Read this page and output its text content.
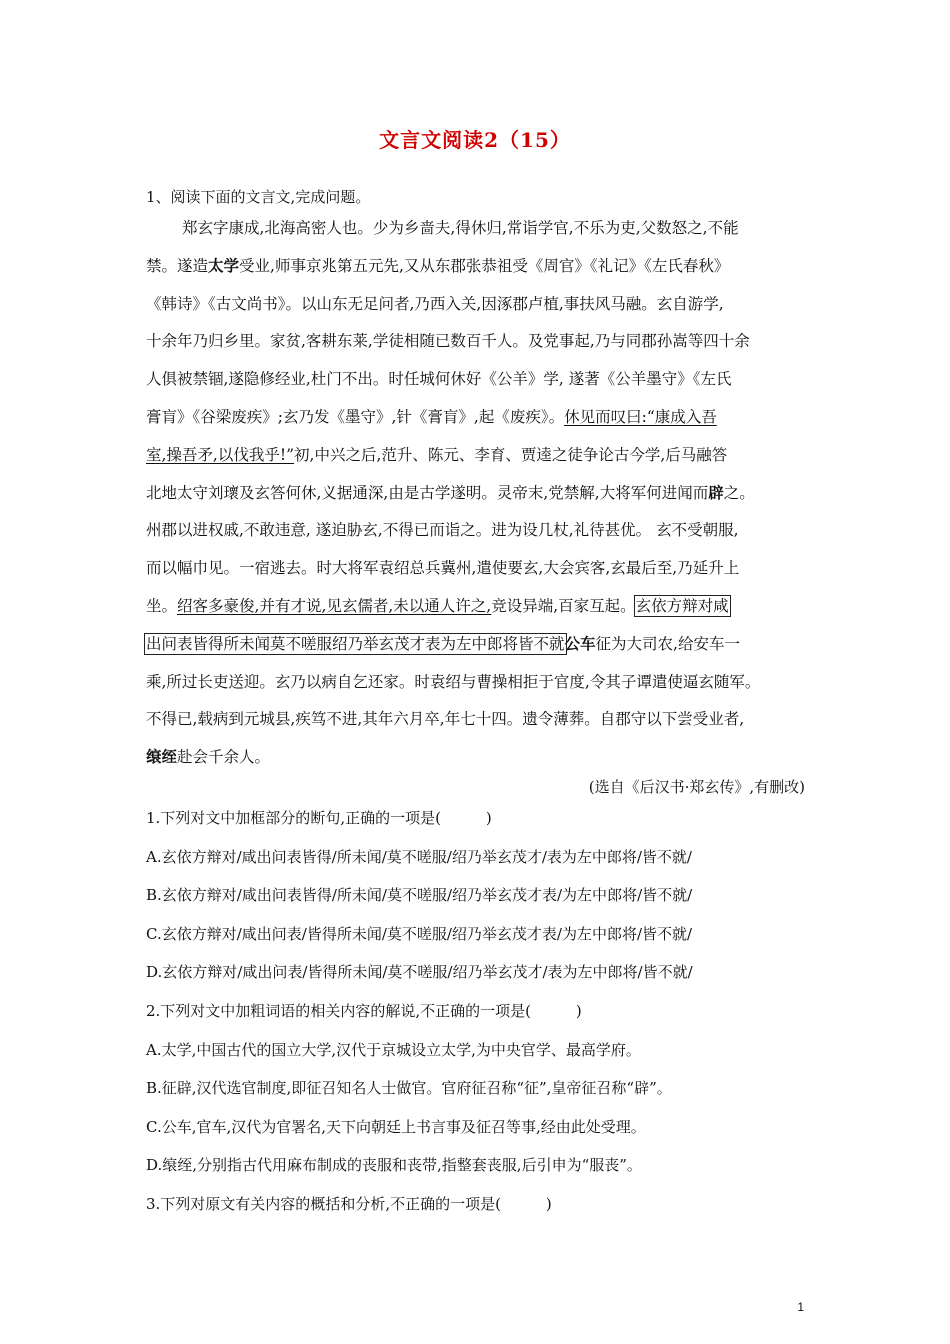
文言文阅读2（15）
1、阅读下面的文言文,完成问题。
郑玄字康成,北海高密人也。少为乡啬夫,得休归,常诣学官,不乐为吏,父数怒之,不能
禁。遂造太学受业,师事京兆第五元先,又从东郡张恭祖受《周官》《礼记》《左氏春秋》
《韩诗》《古文尚书》。以山东无足问者,乃西入关,因涿郡卢植,事扶风马融。玄自游学,
十余年乃归乡里。家贫,客耕东莱,学徒相随已数百千人。及党事起,乃与同郡孙嵩等四十余
人俱被禁锢,遂隐修经业,杜门不出。时任城何休好《公羊》学, 遂著《公羊墨守》《左氏
膏肓》《谷梁废疾》;玄乃发《墨守》,针《膏肓》,起《废疾》。休见而叹曰:“康成入吾
室,操吾矛,以伐我乎!”初,中兴之后,范升、陈元、李育、贾逵之徒争论古今学,后马融答
北地太守刘瓌及玄答何休,义据通深,由是古学遂明。灵帝末,党禁解,大将军何进闻而辟之。
州郡以进权戚,不敢违意, 遂迫胁玄,不得已而诣之。进为设几杖,礼待甚优。 玄不受朝服,
而以幅巾见。一宿逃去。时大将军袁绍总兵冀州,遣使要玄,大会宾客,玄最后至,乃延升上
坐。绍客多豪俊,并有才说,见玄儒者,未以通人许之,竞设异端,百家互起。玄依方辩对咸
出问表皆得所未闻莫不嗟服绍乃举玄茂才表为左中郎将皆不就公车征为大司农,给安车一
乘,所过长吏送迎。玄乃以病自乞还家。时袁绍与曹操相拒于官度,令其子谭遣使逼玄随军。
不得已,载病到元城县,疾笃不进,其年六月卒,年七十四。遗令薄葬。自郡守以下尝受业者,
缞绖赴会千余人。
(选自《后汉书·郑玄传》,有删改)
1.下列对文中加框部分的断句,正确的一项是(　　　)
A.玄依方辩对/咸出问表皆得/所未闻/莫不嗟服/绍乃举玄茂才/表为左中郎将/皆不就/
B.玄依方辩对/咸出问表皆得/所未闻/莫不嗟服/绍乃举玄茂才表/为左中郎将/皆不就/
C.玄依方辩对/咸出问表/皆得所未闻/莫不嗟服/绍乃举玄茂才表/为左中郎将/皆不就/
D.玄依方辩对/咸出问表/皆得所未闻/莫不嗟服/绍乃举玄茂才/表为左中郎将/皆不就/
2.下列对文中加粗词语的相关内容的解说,不正确的一项是(　　　)
A.太学,中国古代的国立大学,汉代于京城设立太学,为中央官学、最高学府。
B.征辟,汉代选官制度,即征召知名人士做官。官府征召称“征”,皇帝征召称“辟”。
C.公车,官车,汉代为官署名,天下向朝廷上书言事及征召等事,经由此处受理。
D.缞绖,分别指古代用麻布制成的丧服和丧带,指整套丧服,后引申为“服丧”。
3.下列对原文有关内容的概括和分析,不正确的一项是(　　　)
1
